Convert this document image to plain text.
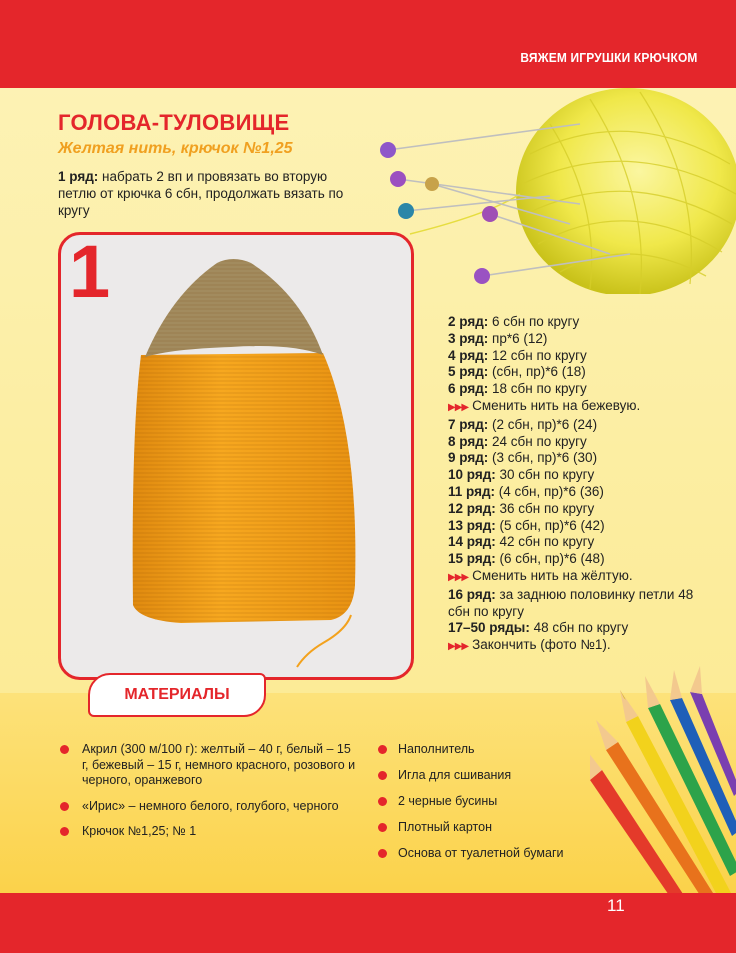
ВЯЖЕМ ИГРУШКИ КРЮЧКОМ
ГОЛОВА-ТУЛОВИЩЕ
Желтая нить, крючок №1,25

1 ряд: набрать 2 вп и провязать во вторую петлю от крючка 6 сбн, продолжать вязать по кругу

1
2 ряд: 6 сбн по кругу
3 ряд: пр*6 (12)
4 ряд: 12 сбн по кругу
5 ряд: (сбн, пр)*6 (18)
6 ряд: 18 сбн по кругу
▶▶▶ Сменить нить на бежевую.
7 ряд: (2 сбн, пр)*6 (24)
8 ряд: 24 сбн по кругу
9 ряд: (3 сбн, пр)*6 (30)
10 ряд: 30 сбн по кругу
11 ряд: (4 сбн, пр)*6 (36)
12 ряд: 36 сбн по кругу
13 ряд: (5 сбн, пр)*6 (42)
14 ряд: 42 сбн по кругу
15 ряд: (6 сбн, пр)*6 (48)
▶▶▶ Сменить нить на жёлтую.
16 ряд: за заднюю половинку петли 48 сбн по кругу
17–50 ряды: 48 сбн по кругу
▶▶▶ Закончить (фото №1).
МАТЕРИАЛЫ
Акрил (300 м/100 г): желтый – 40 г, белый – 15 г, бежевый – 15 г, немного красного, розового и черного, оранжевого
«Ирис» – немного белого, голубого, черного
Крючок №1,25; № 1
Наполнитель
Игла для сшивания
2 черные бусины
Плотный картон
Основа от туалетной бумаги
11
